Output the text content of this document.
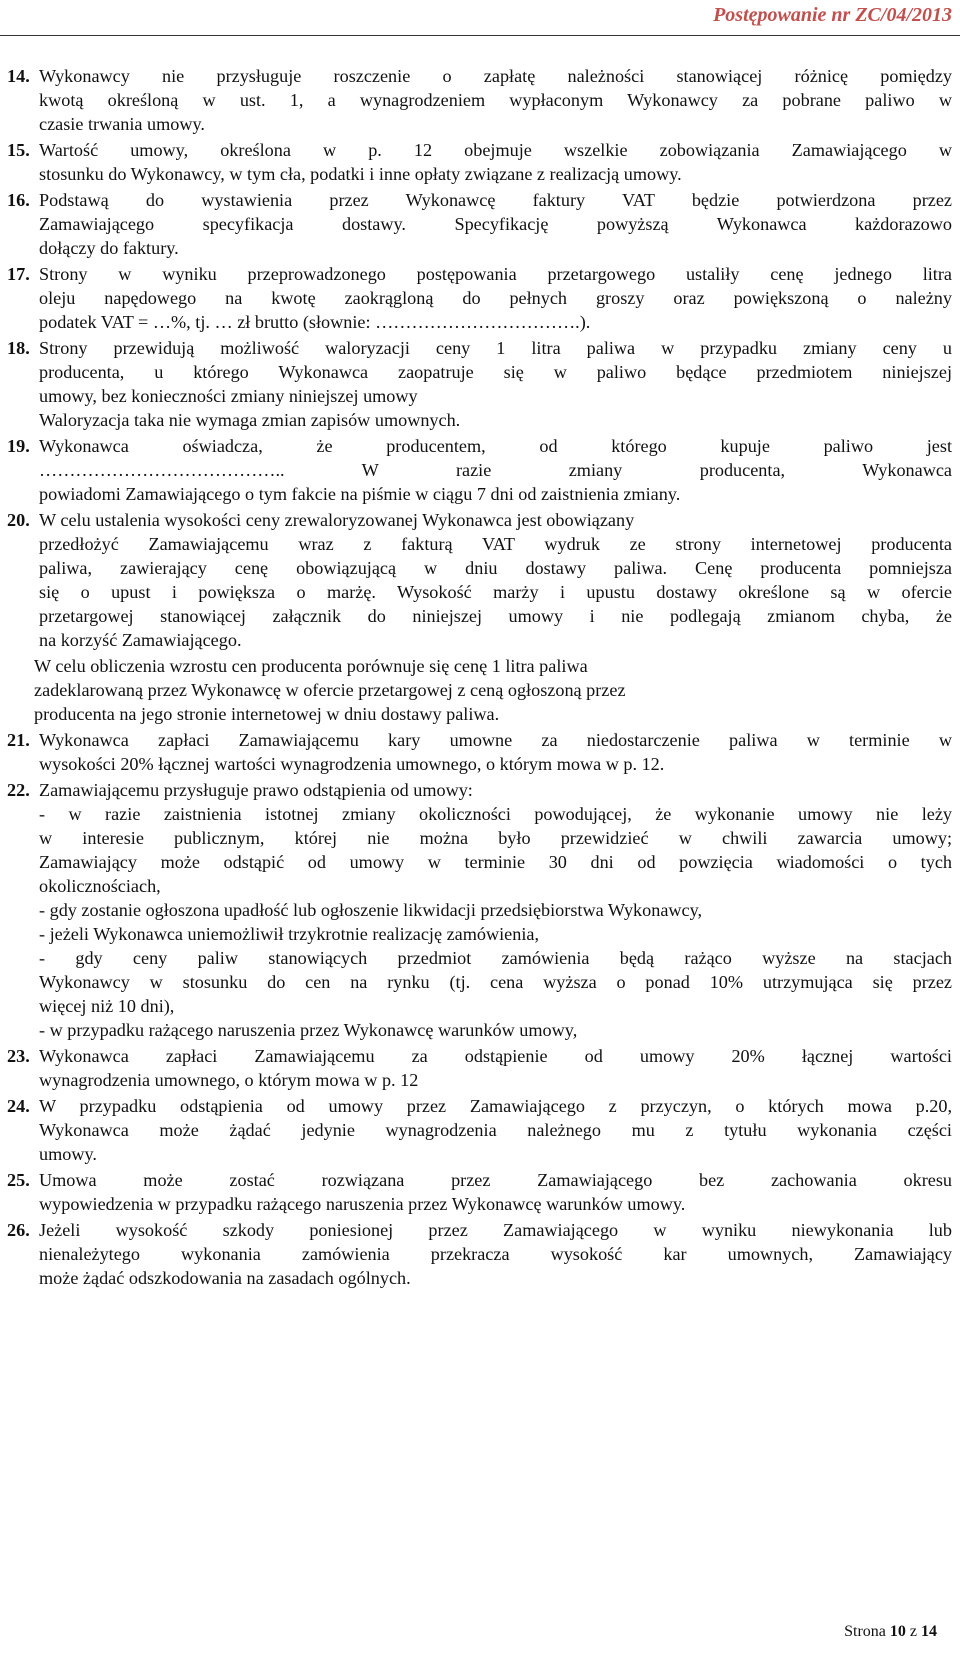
Postępowanie nr ZC/04/2013
14. Wykonawcy nie przysługuje roszczenie o zapłatę należności stanowiącej różnicę pomiędzy
kwotą określoną w ust. 1, a wynagrodzeniem wypłaconym Wykonawcy za pobrane paliwo w
czasie trwania umowy.
15. Wartość umowy, określona w p. 12 obejmuje wszelkie zobowiązania Zamawiającego w
stosunku do Wykonawcy, w tym cła, podatki i inne opłaty związane z realizacją umowy.
16. Podstawą do wystawienia przez Wykonawcę faktury VAT będzie potwierdzona przez
Zamawiającego specyfikacja dostawy. Specyfikację powyższą Wykonawca każdorazowo
dołączy do faktury.
17. Strony w wyniku przeprowadzonego postępowania przetargowego ustaliły cenę jednego litra
oleju napędowego na kwotę zaokrągloną do pełnych groszy oraz powiększoną o należny
podatek VAT = …%, tj. … zł brutto (słownie: …………………………….).
18. Strony przewidują możliwość waloryzacji ceny 1 litra paliwa w przypadku zmiany ceny u
producenta, u którego Wykonawca zaopatruje się w paliwo będące przedmiotem niniejszej
umowy, bez konieczności zmiany niniejszej umowy
Waloryzacja taka nie wymaga zmian zapisów umownych.
19. Wykonawca oświadcza, że producentem, od którego kupuje paliwo jest
………………………………….. W razie zmiany producenta, Wykonawca
powiadomi Zamawiającego o tym fakcie na piśmie w ciągu 7 dni od zaistnienia zmiany.
20. W celu ustalenia wysokości ceny zrewaloryzowanej Wykonawca jest obowiązany
przedłożyć Zamawiającemu wraz z fakturą VAT wydruk ze strony internetowej producenta
paliwa, zawierający cenę obowiązującą w dniu dostawy paliwa. Cenę producenta pomniejsza
się o upust i powiększa o marżę. Wysokość marży i upustu dostawy określone są w ofercie
przetargowej stanowiącej załącznik do niniejszej umowy i nie podlegają zmianom chyba, że
na korzyść Zamawiającego.
W celu obliczenia wzrostu cen producenta porównuje się cenę 1 litra paliwa
zadeklarowaną przez Wykonawcę w ofercie przetargowej z ceną ogłoszoną przez
producenta na jego stronie internetowej w dniu dostawy paliwa.
21. Wykonawca zapłaci Zamawiającemu kary umowne za niedostarczenie paliwa w terminie w
wysokości 20% łącznej wartości wynagrodzenia umownego, o którym mowa w p. 12.
22. Zamawiającemu przysługuje prawo odstąpienia od umowy:
- w razie zaistnienia istotnej zmiany okoliczności powodującej, że wykonanie umowy nie leży
w interesie publicznym, której nie można było przewidzieć w chwili zawarcia umowy;
Zamawiający może odstąpić od umowy w terminie 30 dni od powzięcia wiadomości o tych
okolicznościach,
- gdy zostanie ogłoszona upadłość lub ogłoszenie likwidacji przedsiębiorstwa Wykonawcy,
- jeżeli Wykonawca uniemożliwił trzykrotnie realizację zamówienia,
- gdy ceny paliw stanowiących przedmiot zamówienia będą rażąco wyższe na stacjach
Wykonawcy w stosunku do cen na rynku (tj. cena wyższa o ponad 10% utrzymująca się przez
więcej niż 10 dni),
- w przypadku rażącego naruszenia przez Wykonawcę warunków umowy,
23. Wykonawca zapłaci Zamawiającemu za odstąpienie od umowy 20% łącznej wartości
wynagrodzenia umownego, o którym mowa w p. 12
24. W przypadku odstąpienia od umowy przez Zamawiającego z przyczyn, o których mowa p.20,
Wykonawca może żądać jedynie wynagrodzenia należnego mu z tytułu wykonania części
umowy.
25. Umowa może zostać rozwiązana przez Zamawiającego bez zachowania okresu
wypowiedzenia w przypadku rażącego naruszenia przez Wykonawcę warunków umowy.
26. Jeżeli wysokość szkody poniesionej przez Zamawiającego w wyniku niewykonania lub
nienależytego wykonania zamówienia przekracza wysokość kar umownych, Zamawiający
może żądać odszkodowania na zasadach ogólnych.
Strona 10 z 14
